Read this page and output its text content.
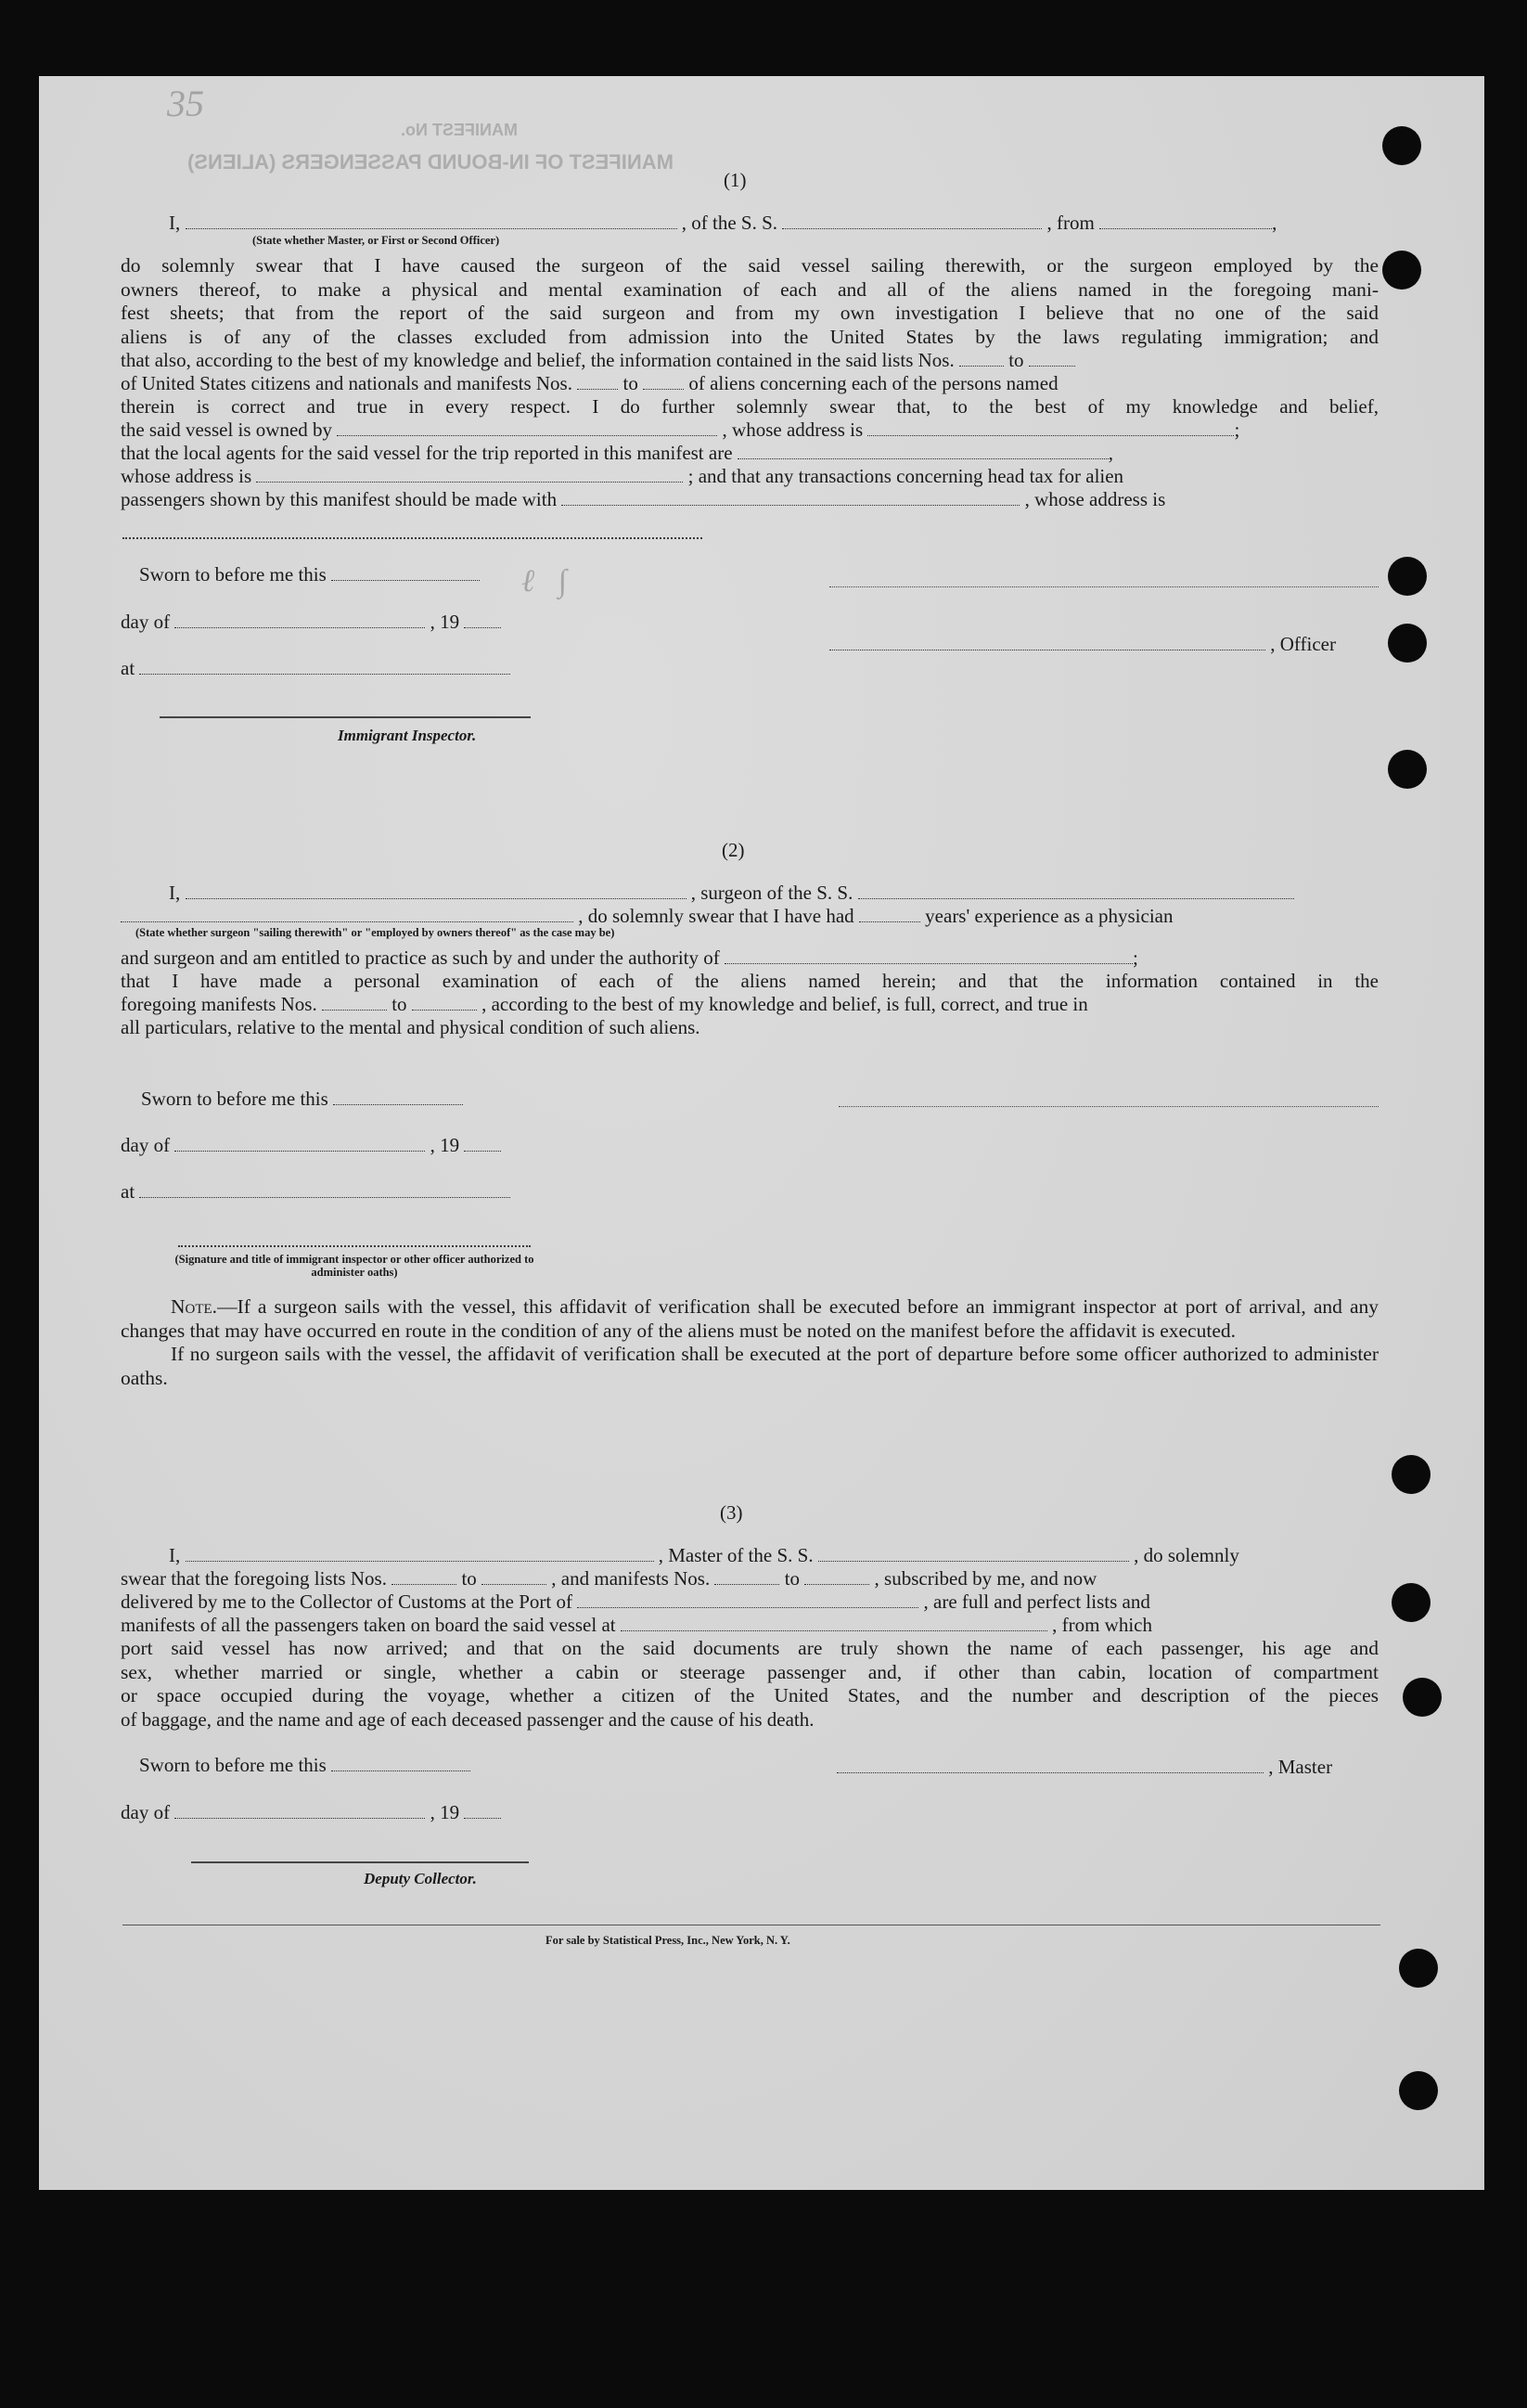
35
MANIFEST OF IN-BOUND PASSENGERS (ALIENS)
MANIFEST No.
(1)
I,	, of the S. S.	, from	,
(State whether Master, or First or Second Officer)
do solemnly swear that I have caused the surgeon of the said vessel sailing therewith, or the surgeon employed by the
owners thereof, to make a physical and mental examination of each and all of the aliens named in the foregoing mani-
fest sheets; that from the report of the said surgeon and from my own investigation I believe that no one of the said
aliens is of any of the classes excluded from admission into the United States by the laws regulating immigration; and
that also, according to the best of my knowledge and belief, the information contained in the said lists Nos.	to
of United States citizens and nationals and manifests Nos.	to	of aliens concerning each of the persons named
therein is correct and true in every respect. I do further solemnly swear that, to the best of my knowledge and belief,
the said vessel is owned by	, whose address is	;
that the local agents for the said vessel for the trip reported in this manifest are	,
whose address is	; and that any transactions concerning head tax for alien
passengers shown by this manifest should be made with	, whose address is
Sworn to before me this
day of	, 19
, Officer
at
Immigrant Inspector.
ℓ   ∫
(2)
I,	, surgeon of the S. S.
, do solemnly swear that I have had	years' experience as a physician
(State whether surgeon "sailing therewith" or "employed by owners thereof" as the case may be)
and surgeon and am entitled to practice as such by and under the authority of	;
that I have made a personal examination of each of the aliens named herein; and that the information contained in the
foregoing manifests Nos.	to	, according to the best of my knowledge and belief, is full, correct, and true in
all particulars, relative to the mental and physical condition of such aliens.
Sworn to before me this
day of	, 19
at
(Signature and title of immigrant inspector or other officer authorized to administer oaths)

Note.—If a surgeon sails with the vessel, this affidavit of verification shall be executed before an immigrant inspector at port of arrival, and any changes that may have occurred en route in the condition of any of the aliens must be noted on the manifest before the affidavit is executed.

If no surgeon sails with the vessel, the affidavit of verification shall be executed at the port of departure before some officer authorized to administer oaths.

(3)
I,	, Master of the S. S.	, do solemnly
swear that the foregoing lists Nos.	to	, and manifests Nos.	to	, subscribed by me, and now
delivered by me to the Collector of Customs at the Port of	, are full and perfect lists and
manifests of all the passengers taken on board the said vessel at	, from which
port said vessel has now arrived; and that on the said documents are truly shown the name of each passenger, his age and
sex, whether married or single, whether a cabin or steerage passenger and, if other than cabin, location of compartment
or space occupied during the voyage, whether a citizen of the United States, and the number and description of the pieces
of baggage, and the name and age of each deceased passenger and the cause of his death.
Sworn to before me this	, Master
day of	, 19
Deputy Collector.
For sale by Statistical Press, Inc., New York, N. Y.
